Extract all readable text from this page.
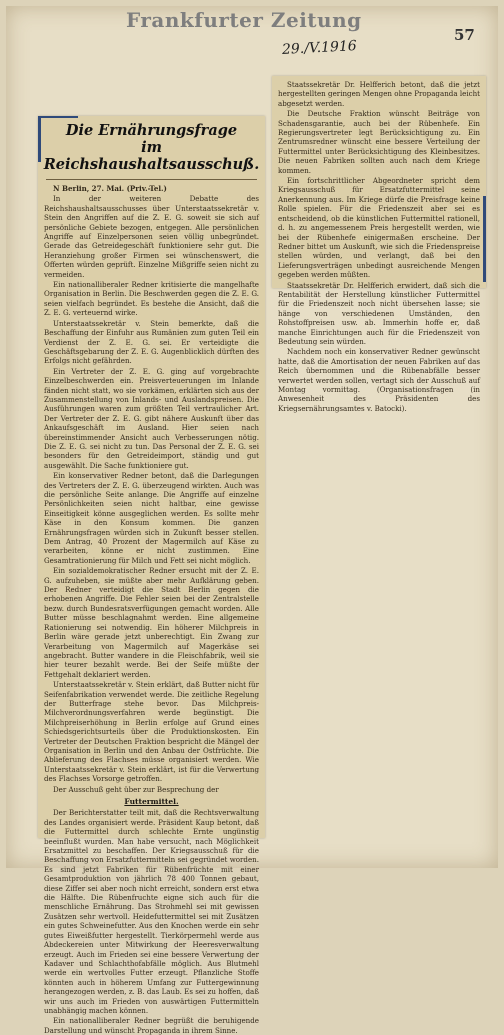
Frankfurter Zeitung
57
29./V.1916
Die Ernährungsfrage
im Reichshaushaltsausschuß.

N Berlin, 27. Mai. (Priv.-Tel.)

In der weiteren Debatte des Reichshaushaltsausschusses über Unterstaatssekretär v. Stein den Angriffen auf die Z. E. G. soweit sie sich auf persönliche Gebiete bezogen, entgegen. Alle persönlichen Angriffe auf Einzelpersonen seien völlig unbegründet. Gerade das Getreidegeschäft funktioniere sehr gut. Die Heranziehung großer Firmen sei wünschenswert, die Offerten würden geprüft. Einzelne Mißgriffe seien nicht zu vermeiden.

Ein nationalliberaler Redner kritisierte die mangelhafte Organisation in Berlin. Die Beschwerden gegen die Z. E. G. seien vielfach begründet. Es bestehe die Ansicht, daß die Z. E. G. verteuernd wirke.

Unterstaatssekretär v. Stein bemerkte, daß die Beschaffung der Einfuhr aus Rumänien zum guten Teil ein Verdienst der Z. E. G. sei. Er verteidigte die Geschäftsgebarung der Z. E. G. Augenblicklich dürften des Erfolgs nicht gefährden.

Ein Vertreter der Z. E. G. ging auf vorgebrachte Einzelbeschwerden ein. Preisverteuerungen im Inlande fänden nicht statt, wo sie vorkämen, erklärten sich aus der Zusammenstellung von Inlands- und Auslandspreisen. Die Ausführungen waren zum größten Teil vertraulicher Art. Der Vertreter der Z. E. G. gibt nähere Auskunft über das Ankaufsgeschäft im Ausland. Hier seien nach übereinstimmender Ansicht auch Verbesserungen nötig. Die Z. E. G. sei nicht zu tun. Das Personal der Z. E. G. sei besonders für den Getreideimport, ständig und gut ausgewählt. Die Sache funktioniere gut.

Ein konservativer Redner betont, daß die Darlegungen des Vertreters der Z. E. G. überzeugend wirkten. Auch was die persönliche Seite anlange. Die Angriffe auf einzelne Persönlichkeiten seien nicht haltbar, eine gewisse Einseitigkeit könne ausgeglichen werden. Es sollte mehr Käse in den Konsum kommen. Die ganzen Ernährungsfragen würden sich in Zukunft besser stellen. Dem Antrag, 40 Prozent der Magermilch auf Käse zu verarbeiten, könne er nicht zustimmen. Eine Gesamtrationierung für Milch und Fett sei nicht möglich.

Ein sozialdemokratischer Redner ersucht mit der Z. E. G. aufzuheben, sie müßte aber mehr Aufklärung geben. Der Redner verteidigt die Stadt Berlin gegen die erhobenen Angriffe. Die Fehler seien bei der Zentralstelle bezw. durch Bundesratsverfügungen gemacht worden. Alle Butter müsse beschlagnahmt werden. Eine allgemeine Rationierung sei notwendig. Ein höherer Milchpreis in Berlin wäre gerade jetzt unberechtigt. Ein Zwang zur Verarbeitung von Magermilch auf Magerkäse sei angebracht. Butter wandere in die Fleischfabrik, weil sie hier teurer bezahlt werde. Bei der Seife müßte der Fettgehalt deklariert werden.

Unterstaatssekretär v. Stein erklärt, daß Butter nicht für Seifenfabrikation verwendet werde. Die zeitliche Regelung der Butterfrage stehe bevor. Das Milchpreis-Milchverordnungsverfahren werde begünstigt. Die Milchpreiserhöhung in Berlin erfolge auf Grund eines Schiedsgerichtsurteils über die Produktionskosten. Ein Vertreter der Deutschen Fraktion bespricht die Mängel der Organisation in Berlin und den Anbau der Ostfrüchte. Die Ablieferung des Flachses müsse organisiert werden. Wie Unterstaatssekretär v. Stein erklärt, ist für die Verwertung des Flachses Vorsorge getroffen.

Der Ausschuß geht über zur Besprechung der

Futtermittel.

Der Berichterstatter teilt mit, daß die Rechtsverwaltung des Landes organisiert werde. Präsident Kaup betont, daß die Futtermittel durch schlechte Ernte ungünstig beeinflußt wurden. Man habe versucht, nach Möglichkeit Ersatzmittel zu beschaffen. Der Kriegsausschuß für die Beschaffung von Ersatzfuttermitteln sei gegründet worden. Es sind jetzt Fabriken für Rübenfrüchte mit einer Gesamtproduktion von jährlich 78 400 Tonnen gebaut, diese Ziffer sei aber noch nicht erreicht, sondern erst etwa die Hälfte. Die Rübenfruchte eigne sich auch für die menschliche Ernährung. Das Strohmehl sei mit gewissen Zusätzen sehr wertvoll. Heidefuttermittel sei mit Zusätzen ein gutes Schweinefutter. Aus den Knochen werde ein sehr gutes Eiweißfutter hergestellt. Tierkörpermehl werde aus Abdeckereien unter Mitwirkung der Heeresverwaltung erzeugt. Auch im Frieden sei eine bessere Verwertung der Kadaver und Schlachthofabfälle möglich. Aus Blutmehl werde ein wertvolles Futter erzeugt. Pflanzliche Stoffe könnten auch in höherem Umfang zur Futtergewinnung herangezogen werden, z. B. das Laub. Es sei zu hoffen, daß wir uns auch im Frieden von auswärtigen Futtermitteln unabhängig machen können.

Ein nationalliberaler Redner begrüßt die beruhigende Darstellung und wünscht Propaganda in ihrem Sinne.

Staatssekretär Dr. Helfferich betont, daß die jetzt hergestellten geringen Mengen ohne Propaganda leicht abgesetzt werden.

Die Deutsche Fraktion wünscht Beiträge von Schadensgarantie, auch bei der Rübenhefe. Ein Regierungsvertreter legt Berücksichtigung zu. Ein Zentrumsredner wünscht eine bessere Verteilung der Futtermittel unter Berücksichtigung des Kleinbesitzes. Die neuen Fabriken sollten auch nach dem Kriege kommen.

Ein fortschrittlicher Abgeordneter spricht dem Kriegsausschuß für Ersatzfuttermittel seine Anerkennung aus. Im Kriege dürfe die Preisfrage keine Rolle spielen. Für die Friedenszeit aber sei es entscheidend, ob die künstlichen Futtermittel rationell, d. h. zu angemessenem Preis hergestellt werden, wie bei der Rübenhefe einigermaßen erscheine. Der Redner bittet um Auskunft, wie sich die Friedenspreise stellen würden, und verlangt, daß bei den Lieferungsverträgen unbedingt ausreichende Mengen gegeben werden müßten.

Staatssekretär Dr. Helfferich erwidert, daß sich die Rentabilität der Herstellung künstlicher Futtermittel für die Friedenszeit noch nicht übersehen lasse; sie hänge von verschiedenen Umständen, den Rohstoffpreisen usw. ab. Immerhin hoffe er, daß manche Einrichtungen auch für die Friedenszeit von Bedeutung sein würden.

Nachdem noch ein konservativer Redner gewünscht hatte, daß die Amortisation der neuen Fabriken auf das Reich übernommen und die Rübenabfälle besser verwertet werden sollen, vertagt sich der Ausschuß auf Montag vormittag. (Organisationsfragen (in Anwesenheit des Präsidenten des Kriegsernährungsamtes v. Batocki).
